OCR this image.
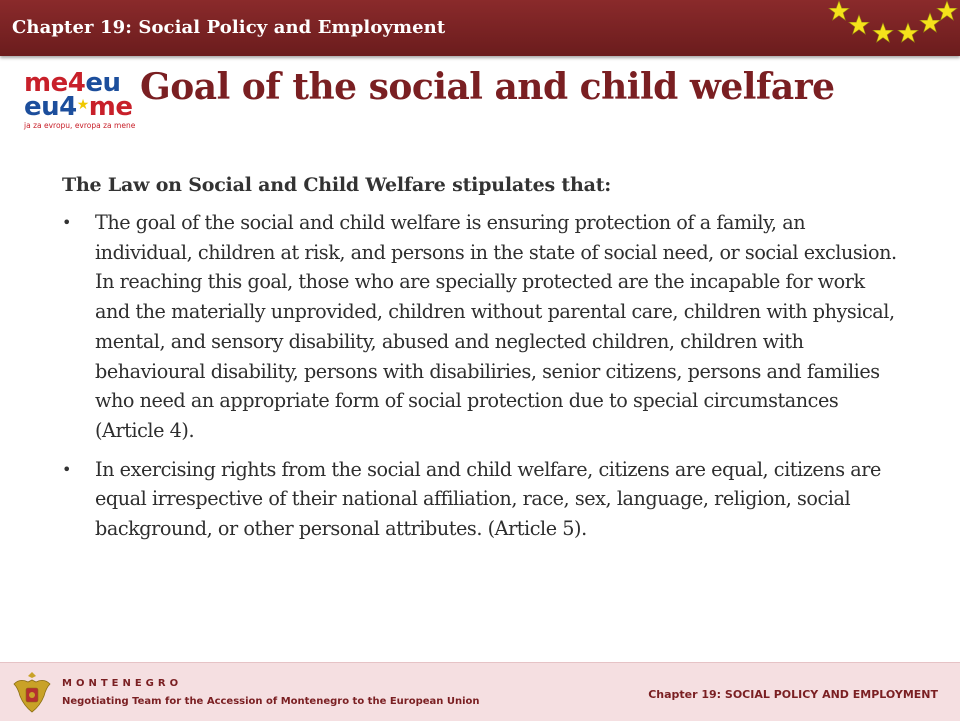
Chapter 19: Social Policy and Employment
me4eu
eu4★me
ja za evropu, evropa za mene
Goal of the social and child welfare

The Law on Social and Child Welfare stipulates that:

• The goal of the social and child welfare is ensuring protection of a family, an individual, children at risk, and persons in the state of social need, or social exclusion. In reaching this goal, those who are specially protected are the incapable for work and the materially unprovided, children without parental care, children with physical, mental, and sensory disability, abused and neglected children, children with behavioural disability, persons with disabiliries, senior citizens, persons and families who need an appropriate form of social protection due to special circumstances (Article 4).
• In exercising rights from the social and child welfare, citizens are equal, citizens are equal irrespective of their national affiliation, race, sex, language, religion, social background, or other personal attributes. (Article 5).
MONTENEGRO
Negotiating Team for the Accession of Montenegro to the European Union
Chapter 19: SOCIAL POLICY AND EMPLOYMENT
